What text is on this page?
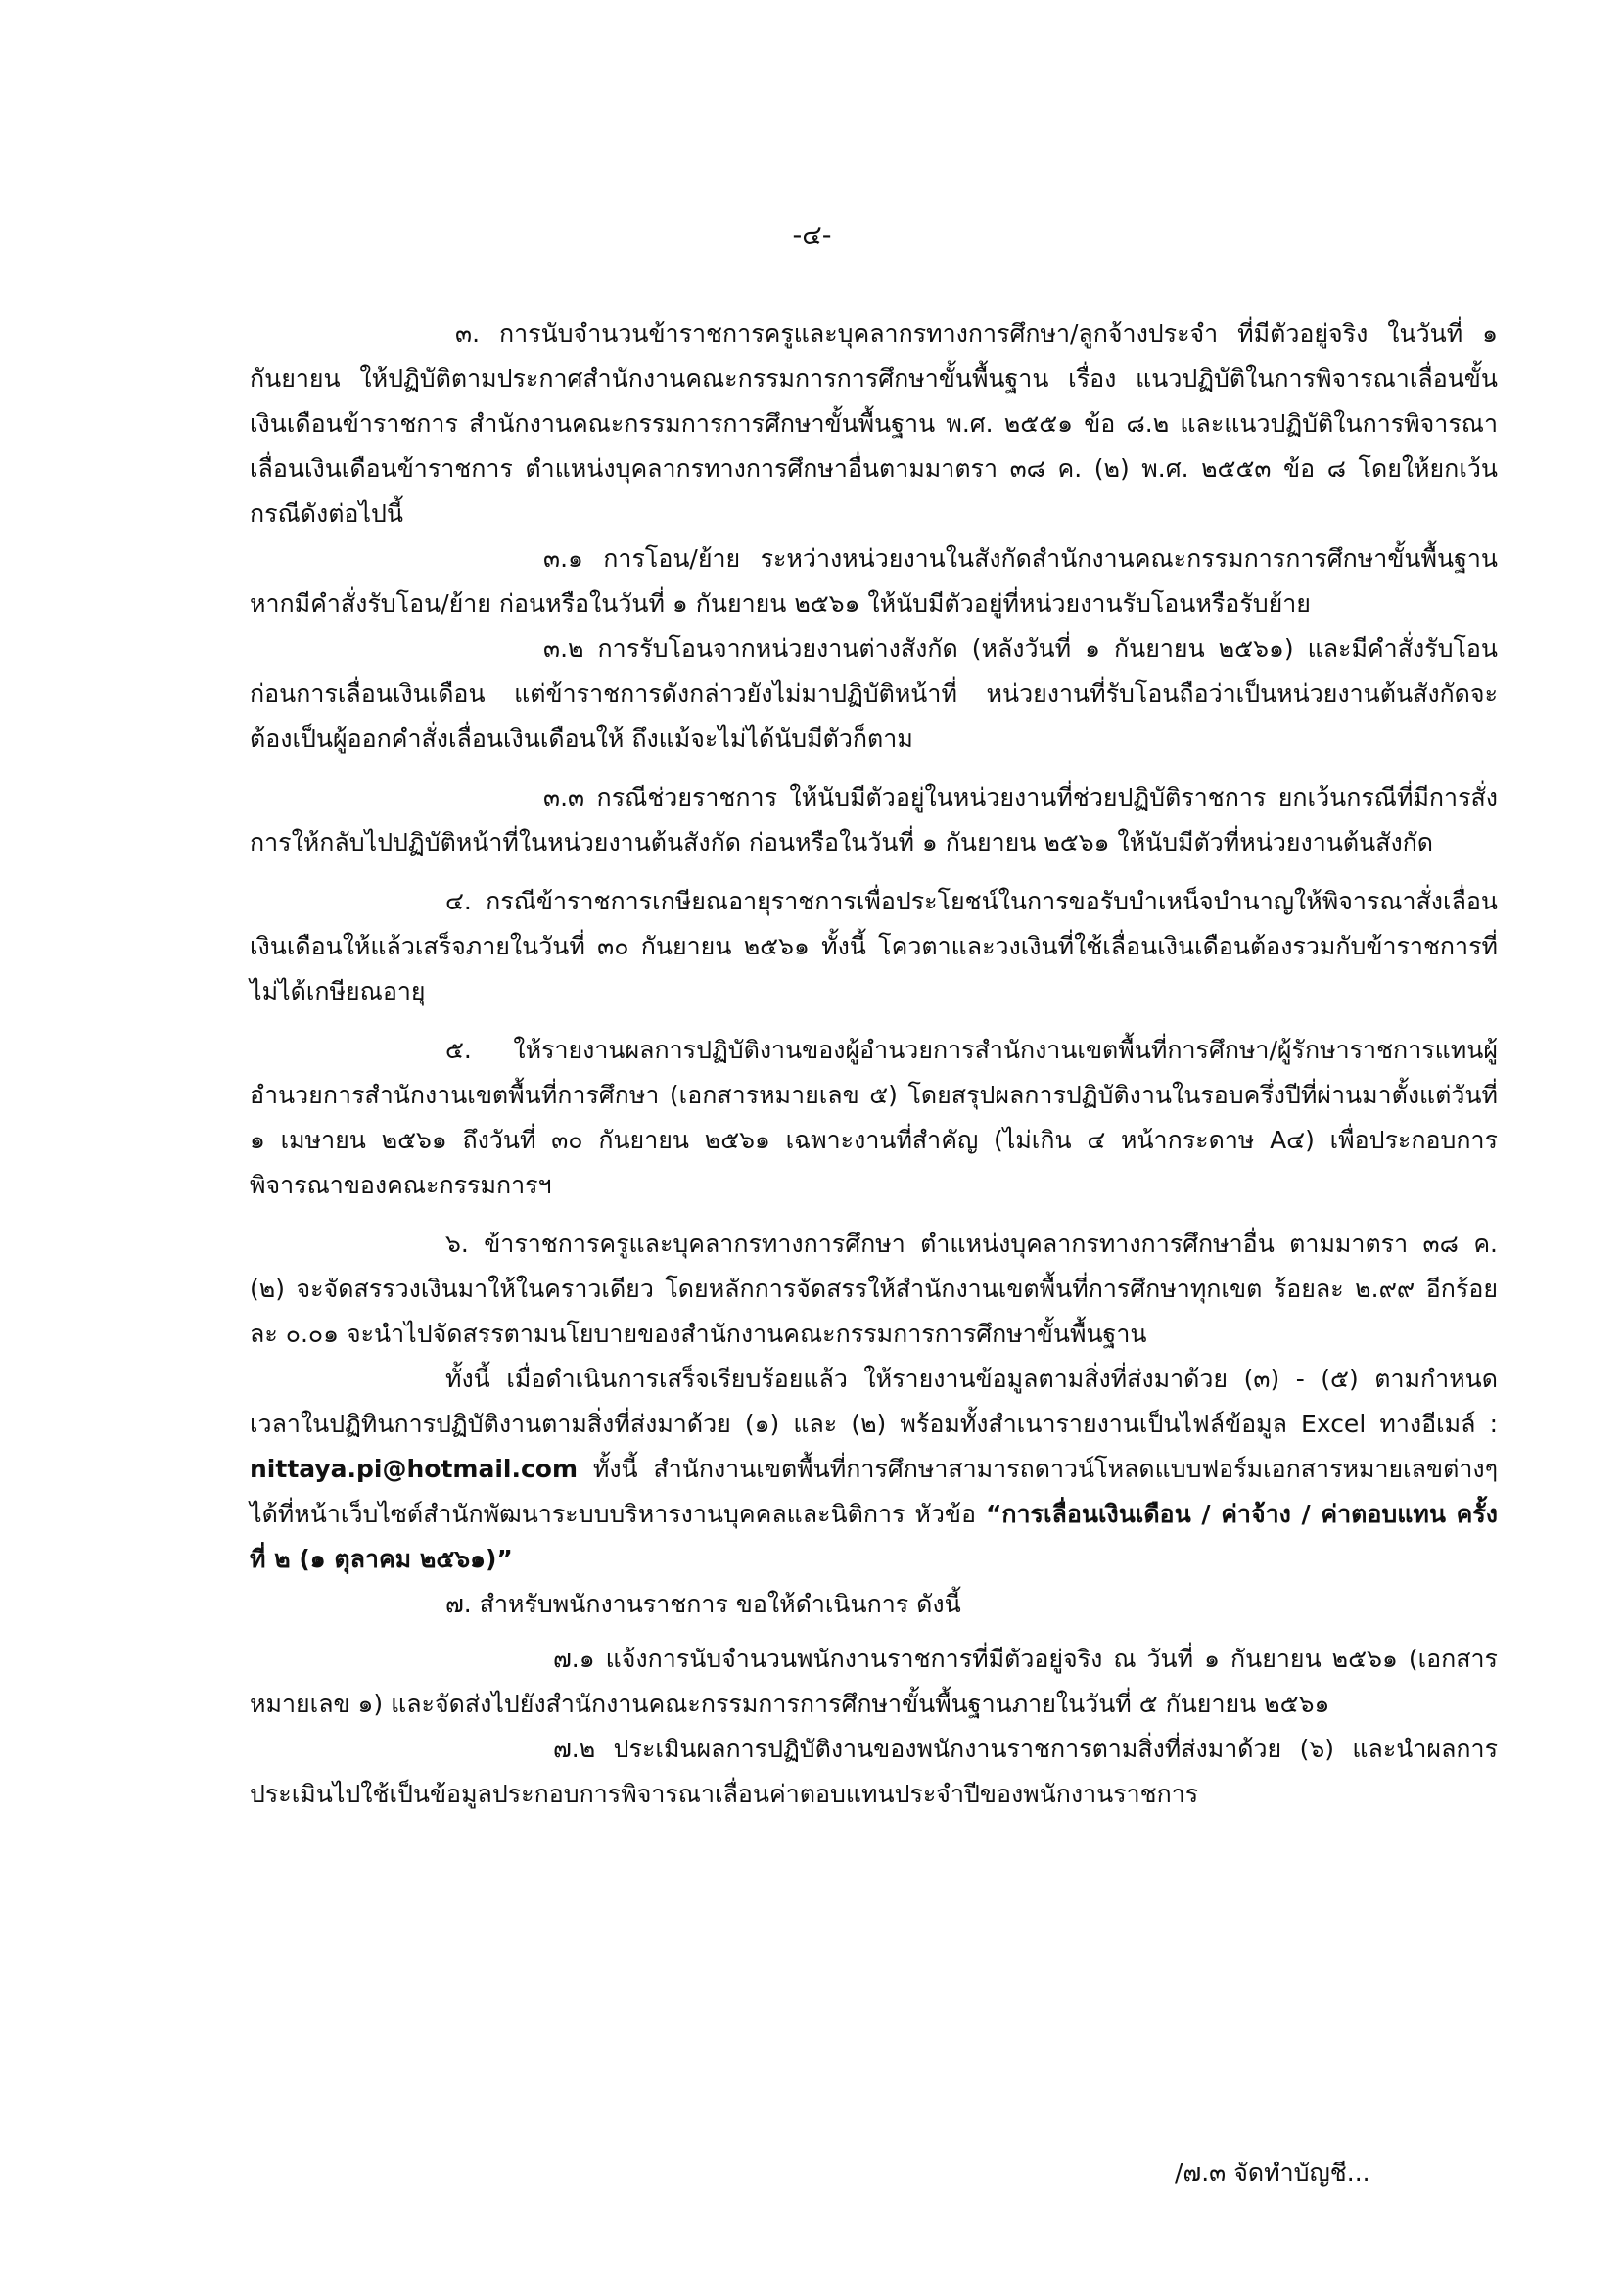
-๔-

๓. การนับจำนวนข้าราชการครูและบุคลากรทางการศึกษา/ลูกจ้างประจำ ที่มีตัวอยู่จริง ในวันที่ ๑ กันยายน ให้ปฏิบัติตามประกาศสำนักงานคณะกรรมการการศึกษาขั้นพื้นฐาน เรื่อง แนวปฏิบัติในการพิจารณาเลื่อนขั้นเงินเดือนข้าราชการ สำนักงานคณะกรรมการการศึกษาขั้นพื้นฐาน พ.ศ. ๒๕๕๑ ข้อ ๘.๒ และแนวปฏิบัติในการพิจารณาเลื่อนเงินเดือนข้าราชการ ตำแหน่งบุคลากรทางการศึกษาอื่นตามมาตรา ๓๘ ค. (๒) พ.ศ. ๒๕๕๓ ข้อ ๘ โดยให้ยกเว้นกรณีดังต่อไปนี้

๓.๑ การโอน/ย้าย ระหว่างหน่วยงานในสังกัดสำนักงานคณะกรรมการการศึกษาขั้นพื้นฐาน หากมีคำสั่งรับโอน/ย้าย ก่อนหรือในวันที่ ๑ กันยายน ๒๕๖๑ ให้นับมีตัวอยู่ที่หน่วยงานรับโอนหรือรับย้าย

๓.๒ การรับโอนจากหน่วยงานต่างสังกัด (หลังวันที่ ๑ กันยายน ๒๕๖๑) และมีคำสั่งรับโอนก่อนการเลื่อนเงินเดือน แต่ข้าราชการดังกล่าวยังไม่มาปฏิบัติหน้าที่ หน่วยงานที่รับโอนถือว่าเป็นหน่วยงานต้นสังกัดจะต้องเป็นผู้ออกคำสั่งเลื่อนเงินเดือนให้ ถึงแม้จะไม่ได้นับมีตัวก็ตาม

๓.๓ กรณีช่วยราชการ ให้นับมีตัวอยู่ในหน่วยงานที่ช่วยปฏิบัติราชการ ยกเว้นกรณีที่มีการสั่งการให้กลับไปปฏิบัติหน้าที่ในหน่วยงานต้นสังกัด ก่อนหรือในวันที่ ๑ กันยายน ๒๕๖๑ ให้นับมีตัวที่หน่วยงานต้นสังกัด

๔. กรณีข้าราชการเกษียณอายุราชการเพื่อประโยชน์ในการขอรับบำเหน็จบำนาญให้พิจารณาสั่งเลื่อนเงินเดือนให้แล้วเสร็จภายในวันที่ ๓๐ กันยายน ๒๕๖๑ ทั้งนี้ โควตาและวงเงินที่ใช้เลื่อนเงินเดือนต้องรวมกับข้าราชการที่ไม่ได้เกษียณอายุ

๕. ให้รายงานผลการปฏิบัติงานของผู้อำนวยการสำนักงานเขตพื้นที่การศึกษา/ผู้รักษาราชการแทนผู้อำนวยการสำนักงานเขตพื้นที่การศึกษา (เอกสารหมายเลข ๕) โดยสรุปผลการปฏิบัติงานในรอบครึ่งปีที่ผ่านมาตั้งแต่วันที่ ๑ เมษายน ๒๕๖๑ ถึงวันที่ ๓๐ กันยายน ๒๕๖๑ เฉพาะงานที่สำคัญ (ไม่เกิน ๔ หน้ากระดาษ A๔) เพื่อประกอบการพิจารณาของคณะกรรมการฯ

๖. ข้าราชการครูและบุคลากรทางการศึกษา ตำแหน่งบุคลากรทางการศึกษาอื่น ตามมาตรา ๓๘ ค. (๒) จะจัดสรรวงเงินมาให้ในคราวเดียว โดยหลักการจัดสรรให้สำนักงานเขตพื้นที่การศึกษาทุกเขต ร้อยละ ๒.๙๙ อีกร้อยละ ๐.๐๑ จะนำไปจัดสรรตามนโยบายของสำนักงานคณะกรรมการการศึกษาขั้นพื้นฐาน

ทั้งนี้ เมื่อดำเนินการเสร็จเรียบร้อยแล้ว ให้รายงานข้อมูลตามสิ่งที่ส่งมาด้วย (๓) - (๕) ตามกำหนดเวลาในปฏิทินการปฏิบัติงานตามสิ่งที่ส่งมาด้วย (๑) และ (๒) พร้อมทั้งสำเนารายงานเป็นไฟล์ข้อมูล Excel ทางอีเมล์ : nittaya.pi@hotmail.com ทั้งนี้ สำนักงานเขตพื้นที่การศึกษาสามารถดาวน์โหลดแบบฟอร์มเอกสารหมายเลขต่างๆ ได้ที่หน้าเว็บไซต์สำนักพัฒนาระบบบริหารงานบุคคลและนิติการ หัวข้อ “การเลื่อนเงินเดือน / ค่าจ้าง / ค่าตอบแทน ครั้งที่ ๒ (๑ ตุลาคม ๒๕๖๑)”

๗. สำหรับพนักงานราชการ ขอให้ดำเนินการ ดังนี้

๗.๑ แจ้งการนับจำนวนพนักงานราชการที่มีตัวอยู่จริง ณ วันที่ ๑ กันยายน ๒๕๖๑ (เอกสารหมายเลข ๑) และจัดส่งไปยังสำนักงานคณะกรรมการการศึกษาขั้นพื้นฐานภายในวันที่ ๕ กันยายน ๒๕๖๑

๗.๒ ประเมินผลการปฏิบัติงานของพนักงานราชการตามสิ่งที่ส่งมาด้วย (๖) และนำผลการประเมินไปใช้เป็นข้อมูลประกอบการพิจารณาเลื่อนค่าตอบแทนประจำปีของพนักงานราชการ

/๗.๓ จัดทำบัญชี...
